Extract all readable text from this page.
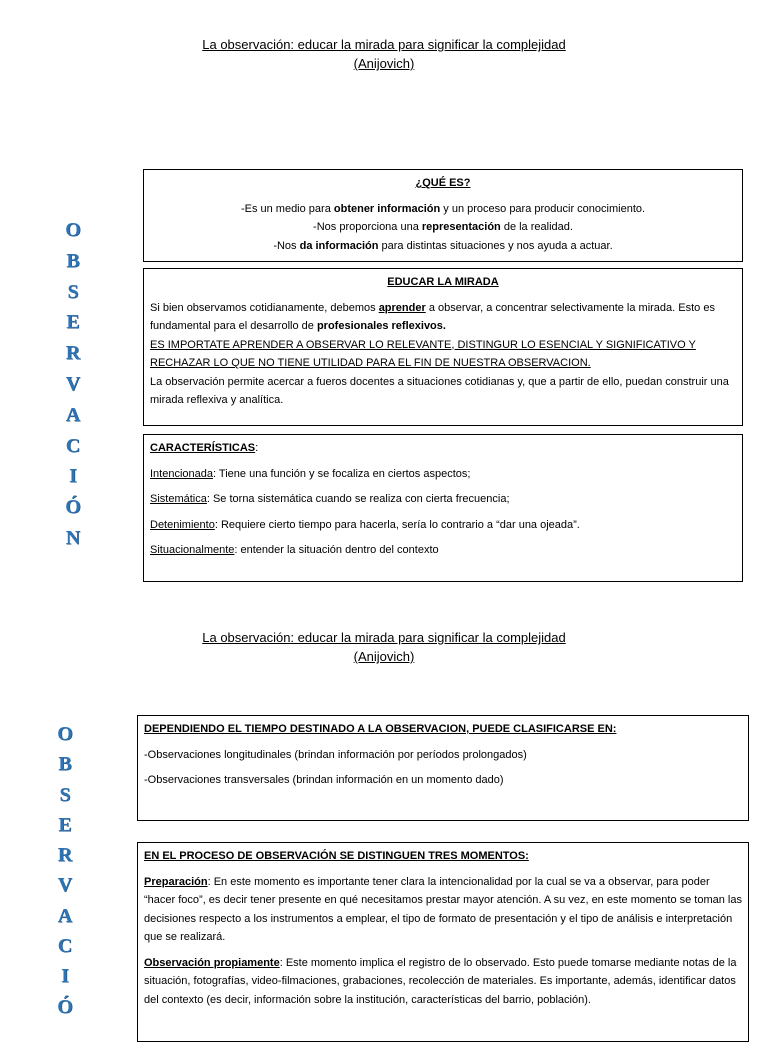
La observación: educar la mirada para significar la complejidad
(Anijovich)
O
B
S
E
R
V
A
C
I
Ó
N

¿QUÉ ES?

-Es un medio para obtener información y un proceso para producir conocimiento.

-Nos proporciona una representación de la realidad.

-Nos da información para distintas situaciones y nos ayuda a actuar.

EDUCAR LA MIRADA

Si bien observamos cotidianamente, debemos aprender a observar, a concentrar selectivamente la mirada. Esto es fundamental para el desarrollo de profesionales reflexivos.

ES IMPORTATE APRENDER A OBSERVAR LO RELEVANTE, DISTINGUR LO ESENCIAL Y SIGNIFICATIVO Y RECHAZAR LO QUE NO TIENE UTILIDAD PARA EL FIN DE NUESTRA OBSERVACION.

La observación permite acercar a fueros docentes a situaciones cotidianas y, que a partir de ello, puedan construir una mirada reflexiva y analítica.

CARACTERÍSTICAS:

Intencionada: Tiene una función y se focaliza en ciertos aspectos;

Sistemática: Se torna sistemática cuando se realiza con cierta frecuencia;

Detenimiento: Requiere cierto tiempo para hacerla, sería lo contrario a “dar una ojeada”.

Situacionalmente: entender la situación dentro del contexto

La observación: educar la mirada para significar la complejidad
(Anijovich)
O
B
S
E
R
V
A
C
I
Ó

DEPENDIENDO EL TIEMPO DESTINADO A LA OBSERVACION, PUEDE CLASIFICARSE EN:

-Observaciones longitudinales (brindan información por períodos prolongados)

-Observaciones transversales (brindan información en un momento dado)

EN EL PROCESO DE OBSERVACIÓN SE DISTINGUEN TRES MOMENTOS:

Preparación: En este momento es importante tener clara la intencionalidad por la cual se va a observar, para poder “hacer foco”, es decir tener presente en qué necesitamos prestar mayor atención. A su vez, en este momento se toman las decisiones respecto a los instrumentos a emplear, el tipo de formato de presentación y el tipo de análisis e interpretación que se realizará.

Observación propiamente: Este momento implica el registro de lo observado. Esto puede tomarse mediante notas de la situación, fotografías, video-filmaciones, grabaciones, recolección de materiales. Es importante, además, identificar datos del contexto (es decir, información sobre la institución, características del barrio, población).
